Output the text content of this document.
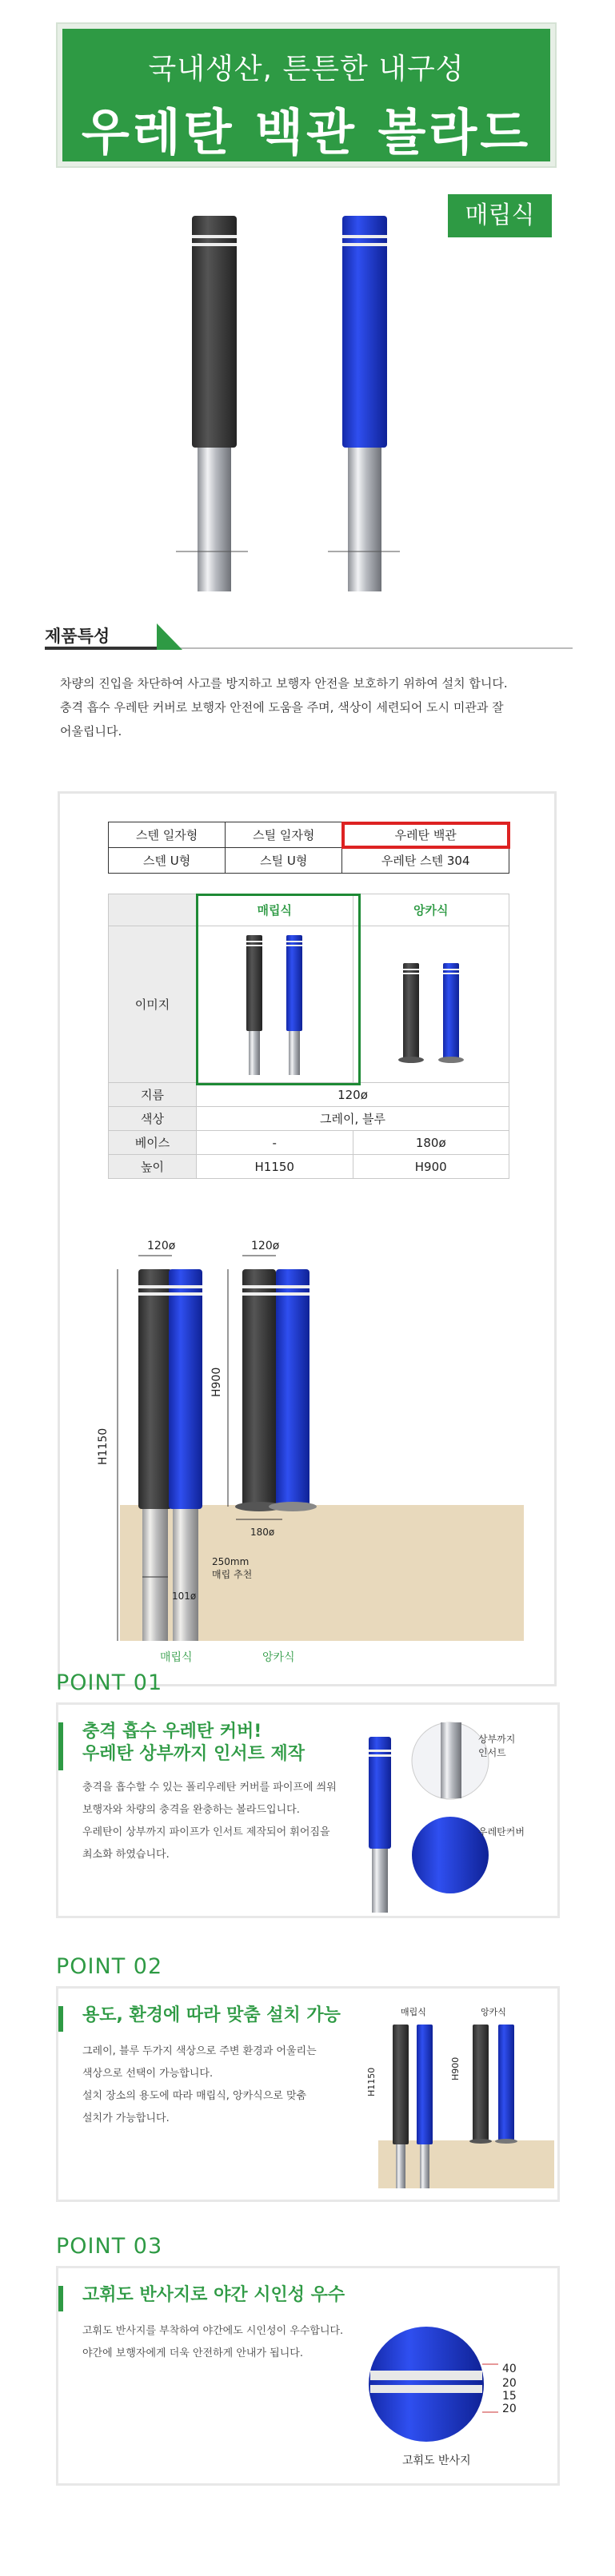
국내생산, 튼튼한 내구성
우레탄 백관 볼라드
매립식
제품특성
차량의 진입을 차단하여 사고를 방지하고 보행자 안전을 보호하기 위하여 설치 합니다.
충격 흡수 우레탄 커버로 보행자 안전에 도움을 주며, 색상이 세련되어 도시 미관과 잘
어울립니다.
스텐 일자형	스틸 일자형	우레탄 백관
스텐 U형	스틸 U형	우레탄 스텐 304
	매립식	앙카식
이미지		
지름	120ø	
색상	그레이, 블루	
베이스	-	180ø
높이	H1150	H900
120ø	120ø
H1150
H900
250mm
매립 추천
101ø
180ø
매립식	앙카식
POINT 01
충격 흡수 우레탄 커버!
우레탄 상부까지 인서트 제작
충격을 흡수할 수 있는 폴리우레탄 커버를 파이프에 씌워
보행자와 차량의 충격을 완충하는 볼라드입니다.
우레탄이 상부까지 파이프가 인서트 제작되어 휘어짐을
최소화 하였습니다.
상부까지
인서트
우레탄커버
POINT 02
용도, 환경에 따라 맞춤 설치 가능
그레이, 블루 두가지 색상으로 주변 환경과 어울리는
색상으로 선택이 가능합니다.
설치 장소의 용도에 따라 매립식, 앙카식으로 맞춤
설치가 가능합니다.
매립식	앙카식
H1150	H900
POINT 03
고휘도 반사지로 야간 시인성 우수
고휘도 반사지를 부착하여 야간에도 시인성이 우수합니다.
야간에 보행자에게 더욱 안전하게 안내가 됩니다.
40
20
15
20
고휘도 반사지
